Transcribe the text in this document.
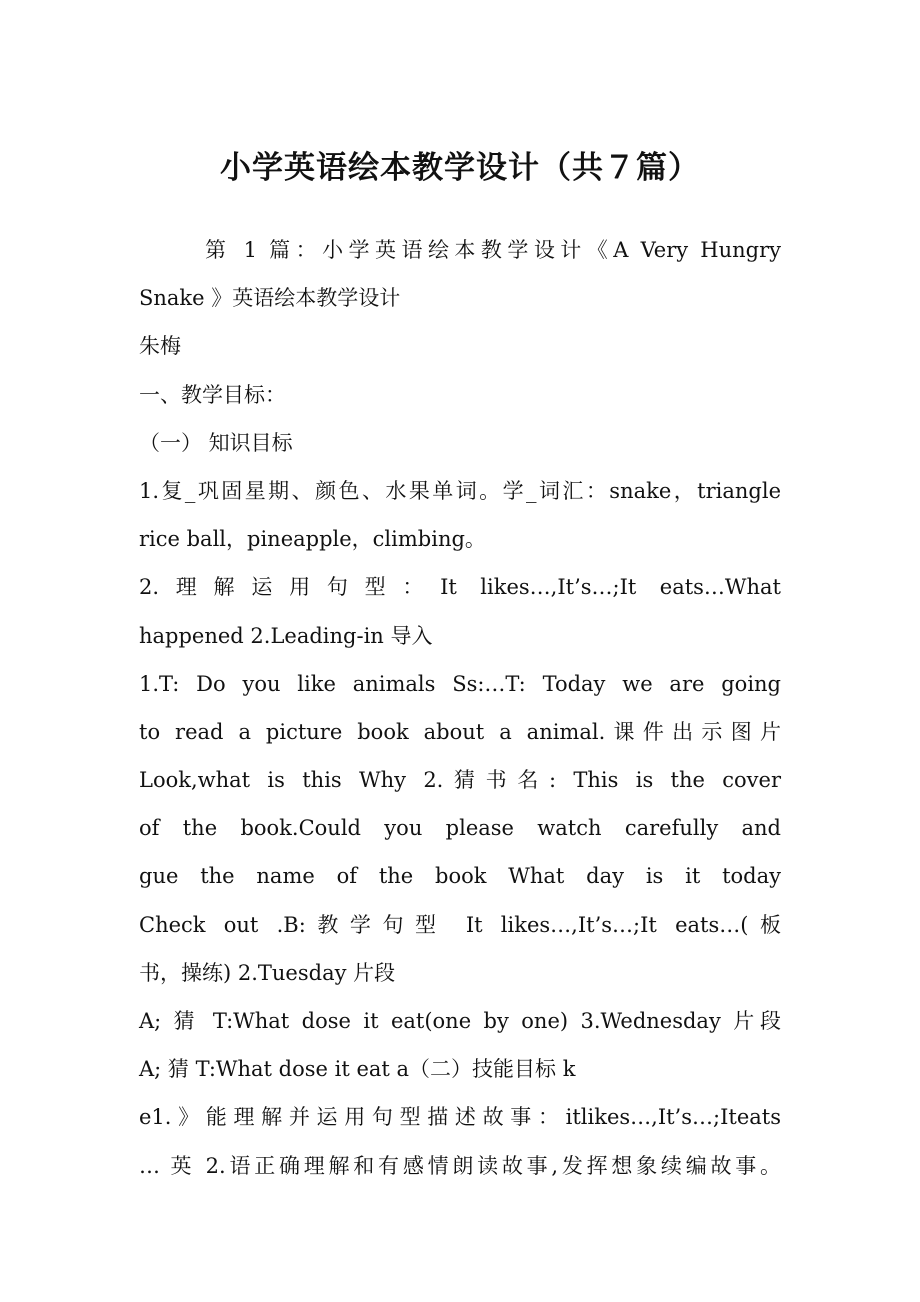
小学英语绘本教学设计（共７篇）
第 1 篇：小学英语绘本教学设计《A Very Hungry
Snake 》英语绘本教学设计
朱梅
一、教学目标：
（一） 知识目标
1.复_巩固星期、颜色、水果单词。学_词汇：snake，triangle
rice ball，pineapple，climbing。
2.理解运用句型：It likes…,It’s…;It eats…What
happened 2.Leading-in 导入
1.T: Do you like animals Ss:…T: Today we are going
to read a picture book about a animal.课件出示图片
Look,what is this Why 2.猜书名: This is the cover
of the book.Could you please watch carefully and
gue the name of the book What day is it today
Check out .B:教学句型 It likes…,It’s…;It eats…(板
书，操练) 2.Tuesday 片段
A; 猜 T:What dose it eat(one by one) 3.Wednesday 片段
A; 猜 T:What dose it eat a（二）技能目标 k
e1.》能理解并运用句型描述故事：itlikes…,It’s…;Iteats
… 英 2.语正确理解和有感情朗读故事,发挥想象续编故事。
